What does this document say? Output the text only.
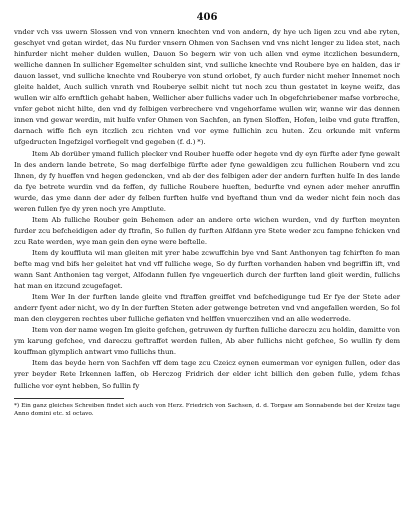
406

vnder vch vss uwern Slossen vnd von vnnern knechten vnd von andern, dy hye uch ligen zcu vnd abe ryten, geschyet vnd getan wirdet, das Nu furder vnsern Ohmen von Sachsen vnd vns nicht lenger zu lidea stet, nach hinfurder nicht meher dulden wullen, Dauon So begern wir von uch allen vnd eyme itczlichen besundern, welliche dannen In sullicher Egemelter schulden sint, vnd sulliche knechte vnd Roubere bye en halden, das ir dauon lasset, vnd sulliche knechte vnd Rouberye von stund orlobet, fy auch furder nicht meher Innemet noch gleite haldet, Auch sullich vnrath vnd Rouberye selbit nicht tut noch zcu thun gestatet in keyne weifz, das wullen wir alfo ernftlich gehabt haben, Wellicher aber fullichs vader uch In obgefchriebener mafse vorbreche, vnfer gebot nicht hilte, den vnd dy felbigen verbrechere vnd vngehorfame wullen wir, wanne wir das dennen innen vnd gewar werdin, mit hulfe vnfer Ohmen von Sachfen, an fynen Sloffen, Hofen, leibe vnd gute ftraffen, darnach wiffe fich eyn itczlich zcu richten vnd vor eyme fullichin zcu huten. Zcu orkunde mit vnferm ufgedructen Ingefzigel vorfiegelt vnd gegeben (f. d.) *).

Item Ab dorüber ymand fullich plecker vnd Rouber hueffe oder hegete vnd dy eyn fürfte ader fyne gewalt In des andern lande betrete, So mag derfelbige fürfte ader fyne gewaldigen zcu fullichen Roubern vnd zcu Ihnen, dy fy hueffen vnd hegen gedencken, vnd ab der des felbigen ader der andern furften hulfe In des lande da fye betrete wurdin vnd da feffen, dy fulliche Roubere hueften, bedurfte vnd eynen ader meher anruffin wurde, das yme dann der ader dy felben furften hulfe vnd byeftand thun vnd da weder nicht fein noch das weren fullen fye dy yren noch yre Amptlute.

Item Ab fulliche Rouber gein Behemen ader an andere orte wichen wurden, vnd dy furften meynten furder zcu befcheidigen ader dy ftrafin, So fullen dy furften Alfdann yre Stete weder zcu fampne fchicken vnd zcu Rate werden, wye man gein den eyne were beftelle.

Item dy kouffluta wil man gleiten mit yrer habe zcwuffchin bye vnd Sant Anthonyen tag fchirften fo man befte mag vnd bifs her geleitet hat vnd vff fulliche wege, So dy furften vorhanden haben vnd begriffin ift, vnd wann Sant Anthonien tag verget, Alfodann fullen fye vngeuerlich durch der furften land gleit werdin, fullichs hat man en itzcund zcugefaget.

Item Wer In der furften lande gleite vnd ftraffen greiffet vnd befchedigunge tud Er fye der Stete ader anderr fyent ader nicht, wo dy In der furften Steten ader getwenge betreten vnd vnd angefallen werden, So fol man den cleygeren rechtes uber fulliche gefiaten vnd helffen vnuerczihen vnd an alle wederrede.

Item von der name wegen Im gleite gefchen, getruwen dy furften fulliche dareczu zcu holdin, damitte von ym karung gefchee, vnd dareczu geftraffet werden fullen, Ab aber fullichs nicht gefchee, So wullin fy dem kouffman glymplich antwart vmo fullichs thun.

Item das beyde hern von Sachfen vff dem tage zcu Czeicz eynen eumerman vor eynigen fullen, oder das yrer beyder Rete Irkennen laffen, ob Herczog Fridrich der elder icht billich den geben fulle, ydem fchas fulliche vor eynt hebben, So fullin fy

*) Ein ganz gleiches Schreiben findet sich auch von Herz. Friedrich von Sachsen, d. d. Torgaw am Sonnabende bei der Kreize tage Anno domini etc. xl octavo.
